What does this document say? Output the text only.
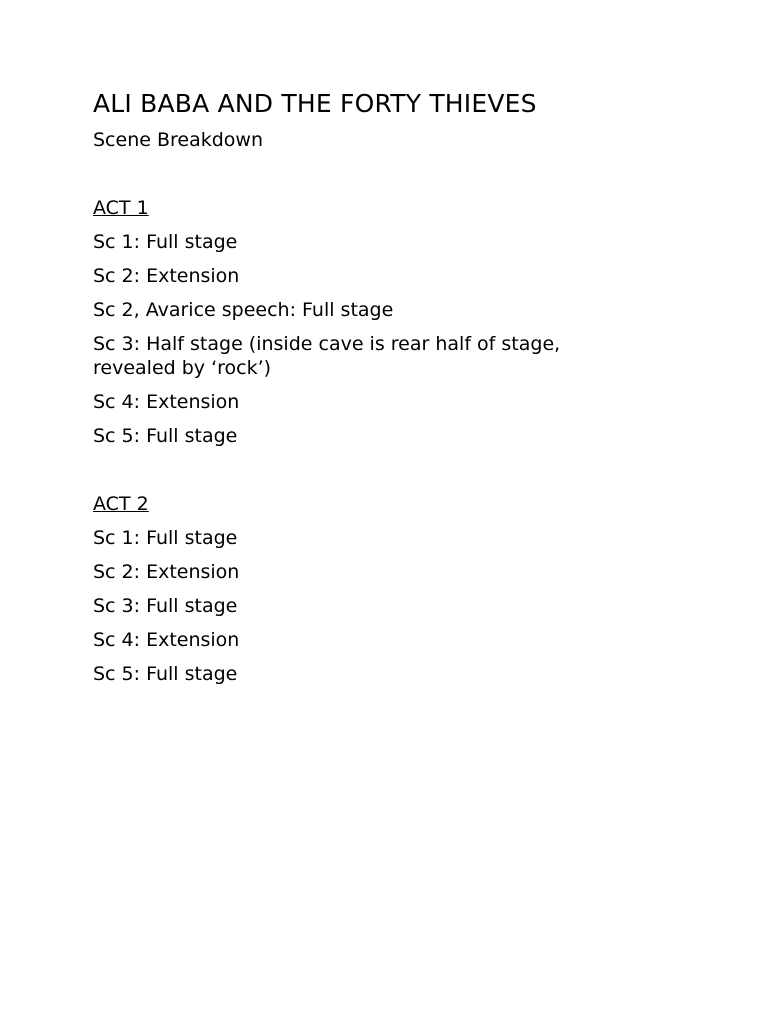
ALI BABA AND THE FORTY THIEVES

Scene Breakdown

ACT 1

Sc 1: Full stage

Sc 2: Extension

Sc 2, Avarice speech: Full stage

Sc 3: Half stage (inside cave is rear half of stage, revealed by ‘rock’)

Sc 4: Extension

Sc 5: Full stage

ACT 2

Sc 1: Full stage

Sc 2: Extension

Sc 3: Full stage

Sc 4: Extension

Sc 5: Full stage
